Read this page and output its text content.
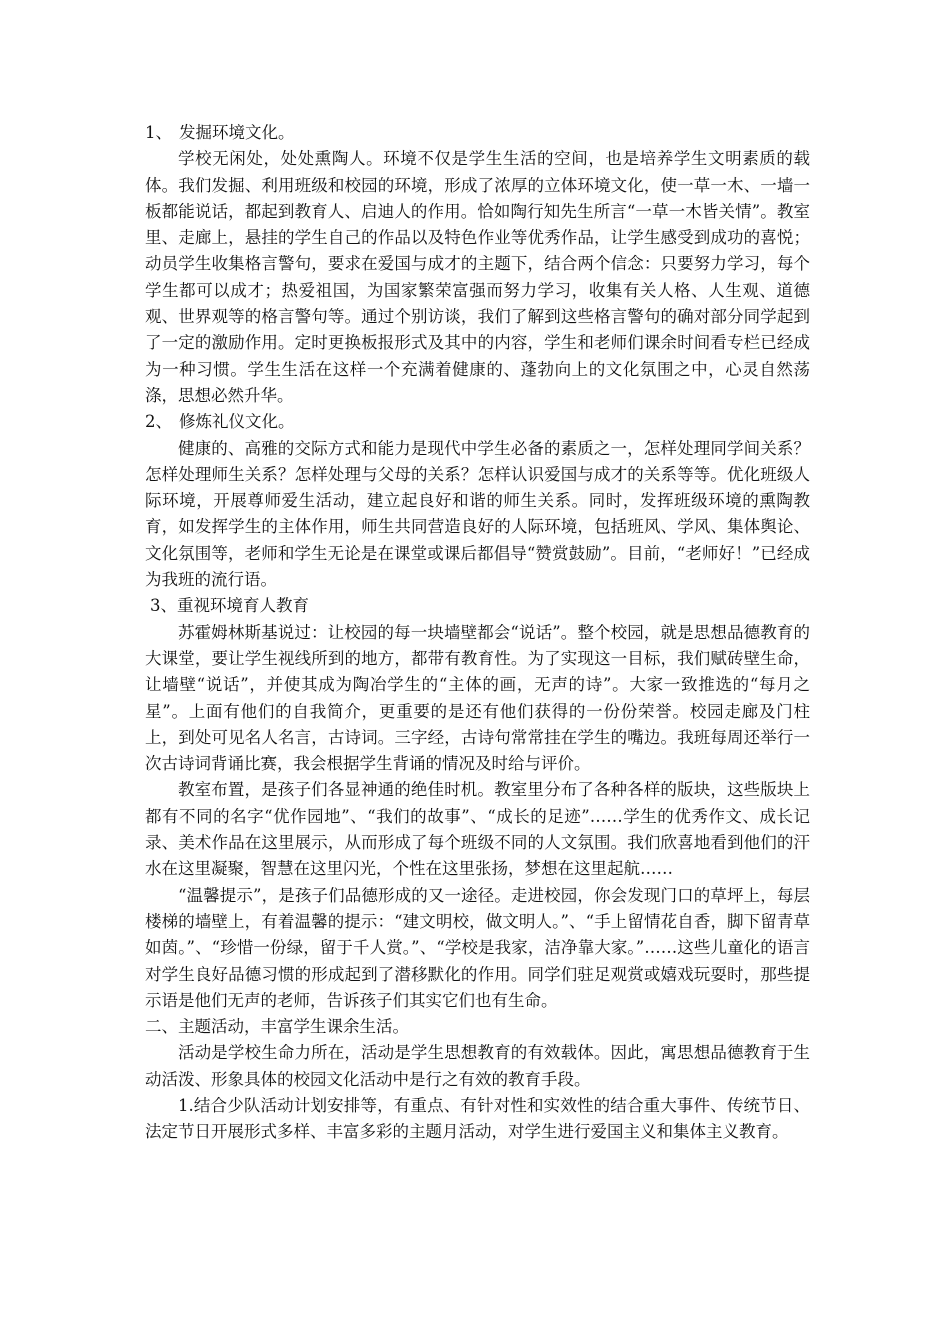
1、 发掘环境文化。

学校无闲处，处处熏陶人。环境不仅是学生生活的空间，也是培养学生文明素质的载体。我们发掘、利用班级和校园的环境，形成了浓厚的立体环境文化，使一草一木、一墙一板都能说话，都起到教育人、启迪人的作用。恰如陶行知先生所言“一草一木皆关情”。教室里、走廊上，悬挂的学生自己的作品以及特色作业等优秀作品，让学生感受到成功的喜悦；动员学生收集格言警句，要求在爱国与成才的主题下，结合两个信念：只要努力学习，每个学生都可以成才；热爱祖国，为国家繁荣富强而努力学习，收集有关人格、人生观、道德观、世界观等的格言警句等。通过个别访谈，我们了解到这些格言警句的确对部分同学起到了一定的激励作用。定时更换板报形式及其中的内容，学生和老师们课余时间看专栏已经成为一种习惯。学生生活在这样一个充满着健康的、蓬勃向上的文化氛围之中，心灵自然荡涤，思想必然升华。

2、 修炼礼仪文化。

健康的、高雅的交际方式和能力是现代中学生必备的素质之一，怎样处理同学间关系？怎样处理师生关系？怎样处理与父母的关系？怎样认识爱国与成才的关系等等。优化班级人际环境，开展尊师爱生活动，建立起良好和谐的师生关系。同时，发挥班级环境的熏陶教育，如发挥学生的主体作用，师生共同营造良好的人际环境，包括班风、学风、集体舆论、文化氛围等，老师和学生无论是在课堂或课后都倡导“赞赏鼓励”。目前，“老师好！”已经成为我班的流行语。

3、重视环境育人教育

苏霍姆林斯基说过：让校园的每一块墙壁都会“说话”。整个校园，就是思想品德教育的大课堂，要让学生视线所到的地方，都带有教育性。为了实现这一目标，我们赋砖壁生命，让墙壁“说话”，并使其成为陶冶学生的“主体的画，无声的诗”。大家一致推选的“每月之星”。上面有他们的自我简介，更重要的是还有他们获得的一份份荣誉。校园走廊及门柱上，到处可见名人名言，古诗词。三字经，古诗句常常挂在学生的嘴边。我班每周还举行一次古诗词背诵比赛，我会根据学生背诵的情况及时给与评价。

教室布置，是孩子们各显神通的绝佳时机。教室里分布了各种各样的版块，这些版块上都有不同的名字“优作园地”、“我们的故事”、“成长的足迹”……学生的优秀作文、成长记录、美术作品在这里展示，从而形成了每个班级不同的人文氛围。我们欣喜地看到他们的汗水在这里凝聚，智慧在这里闪光，个性在这里张扬，梦想在这里起航……

“温馨提示”，是孩子们品德形成的又一途径。走进校园，你会发现门口的草坪上，每层楼梯的墙壁上，有着温馨的提示：“建文明校，做文明人。”、“手上留情花自香，脚下留青草如茵。”、“珍惜一份绿，留于千人赏。”、“学校是我家，洁净靠大家。”……这些儿童化的语言对学生良好品德习惯的形成起到了潜移默化的作用。同学们驻足观赏或嬉戏玩耍时，那些提示语是他们无声的老师，告诉孩子们其实它们也有生命。

二、主题活动，丰富学生课余生活。

活动是学校生命力所在，活动是学生思想教育的有效载体。因此，寓思想品德教育于生动活泼、形象具体的校园文化活动中是行之有效的教育手段。

1.结合少队活动计划安排等，有重点、有针对性和实效性的结合重大事件、传统节日、法定节日开展形式多样、丰富多彩的主题月活动，对学生进行爱国主义和集体主义教育。
